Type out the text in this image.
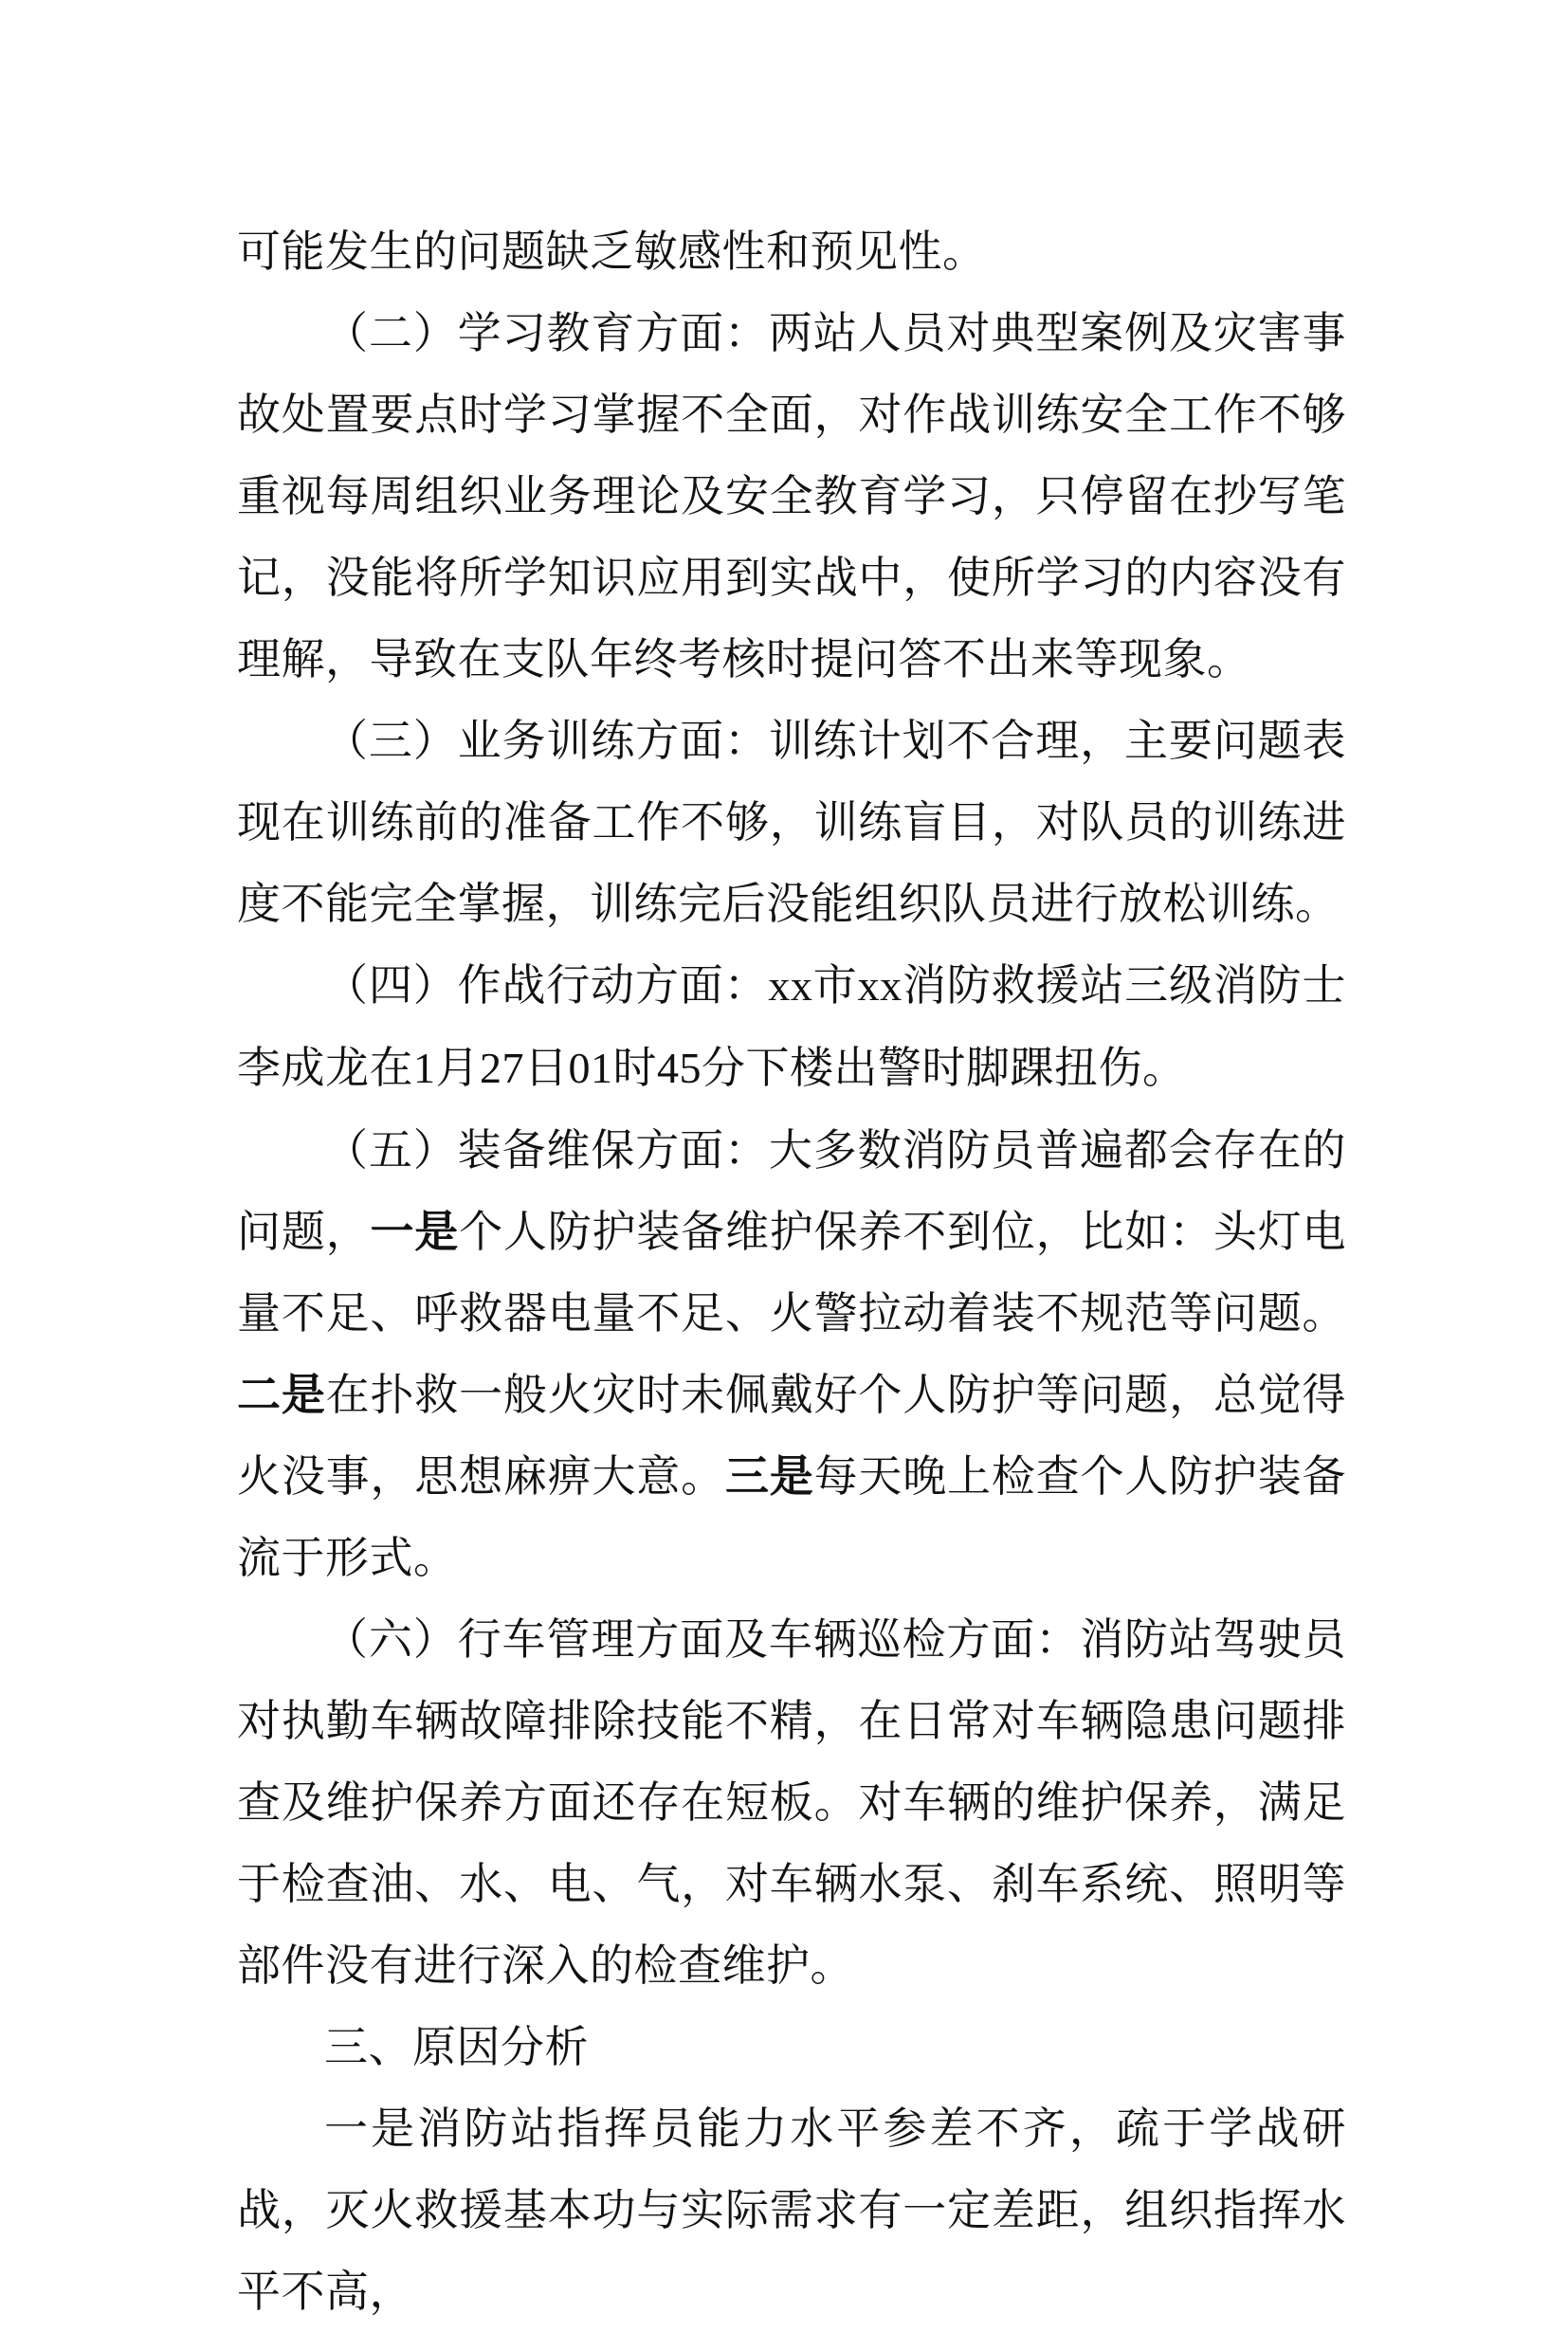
可能发生的问题缺乏敏感性和预见性。

（二）学习教育方面：两站人员对典型案例及灾害事故处置要点时学习掌握不全面，对作战训练安全工作不够重视每周组织业务理论及安全教育学习，只停留在抄写笔记，没能将所学知识应用到实战中，使所学习的内容没有理解，导致在支队年终考核时提问答不出来等现象。

（三）业务训练方面：训练计划不合理，主要问题表现在训练前的准备工作不够，训练盲目，对队员的训练进度不能完全掌握，训练完后没能组织队员进行放松训练。

（四）作战行动方面：xx市xx消防救援站三级消防士李成龙在1月27日01时45分下楼出警时脚踝扭伤。

（五）装备维保方面：大多数消防员普遍都会存在的问题，一是个人防护装备维护保养不到位，比如：头灯电量不足、呼救器电量不足、火警拉动着装不规范等问题。二是在扑救一般火灾时未佩戴好个人防护等问题，总觉得火没事，思想麻痹大意。三是每天晚上检查个人防护装备流于形式。

（六）行车管理方面及车辆巡检方面：消防站驾驶员对执勤车辆故障排除技能不精，在日常对车辆隐患问题排查及维护保养方面还存在短板。对车辆的维护保养，满足于检查油、水、电、气，对车辆水泵、刹车系统、照明等部件没有进行深入的检查维护。

三、原因分析

一是消防站指挥员能力水平参差不齐，疏于学战研战，灭火救援基本功与实际需求有一定差距，组织指挥水平不高，
